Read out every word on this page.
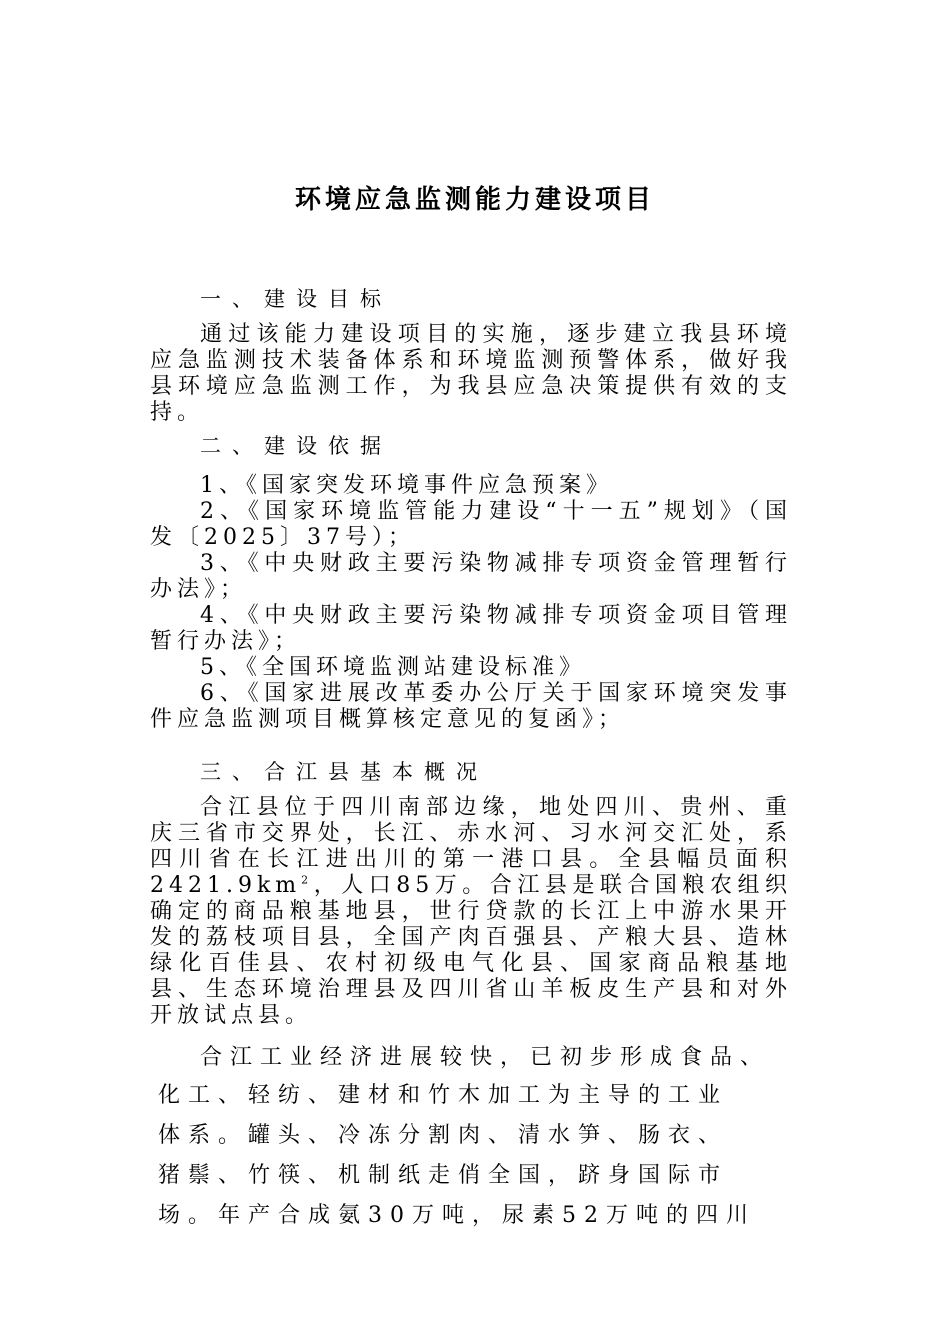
环境应急监测能力建设项目

一、建设目标

通过该能力建设项目的实施，逐步建立我县环境应急监测技术装备体系和环境监测预警体系，做好我县环境应急监测工作，为我县应急决策提供有效的支持。

二、建设依据

1、《国家突发环境事件应急预案》

2、《国家环境监管能力建设“十一五”规划》（国发〔2025〕37号）；

3、《中央财政主要污染物减排专项资金管理暂行办法》；

4、《中央财政主要污染物减排专项资金项目管理暂行办法》；

5、《全国环境监测站建设标准》

6、《国家进展改革委办公厅关于国家环境突发事件应急监测项目概算核定意见的复函》；

三、合江县基本概况

合江县位于四川南部边缘，地处四川、贵州、重庆三省市交界处，长江、赤水河、习水河交汇处，系四川省在长江进出川的第一港口县。全县幅员面积$2421.9km^2$，人口85万。合江县是联合国粮农组织确定的商品粮基地县，世行贷款的长江上中游水果开发的荔枝项目县，全国产肉百强县、产粮大县、造林绿化百佳县、农村初级电气化县、国家商品粮基地县、生态环境治理县及四川省山羊板皮生产县和对外开放试点县。

合江工业经济进展较快，已初步形成食品、

化工、轻纺、建材和竹木加工为主导的工业

体系。罐头、冷冻分割肉、清水笋、肠衣、

猪鬃、竹筷、机制纸走俏全国，跻身国际市

场。年产合成氨30万吨，尿素52万吨的四川
